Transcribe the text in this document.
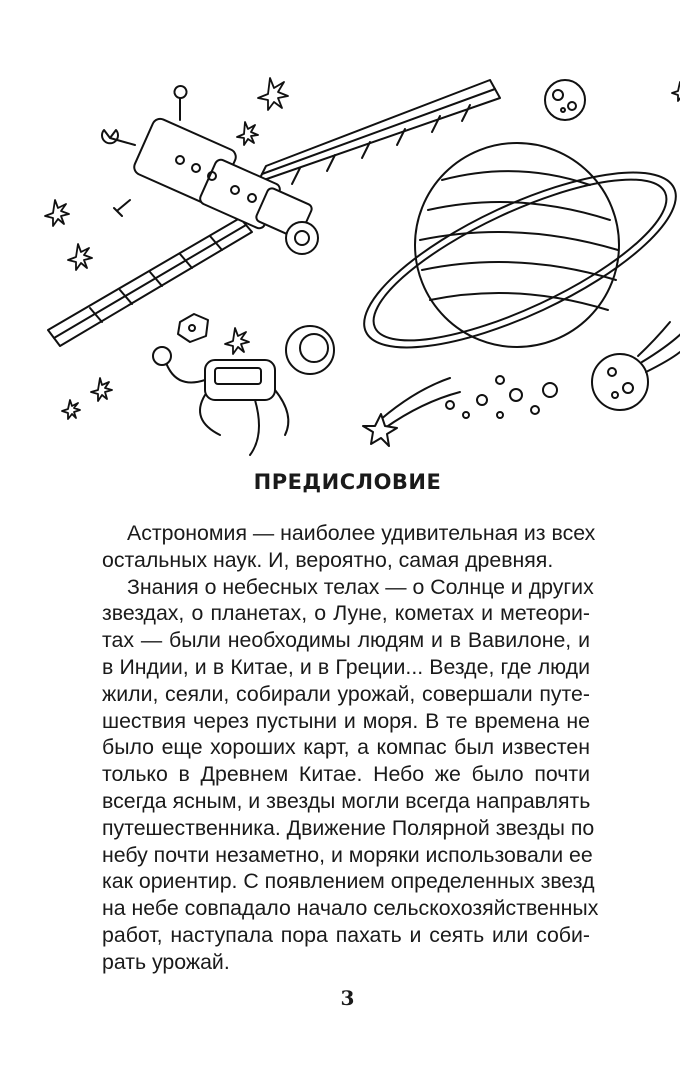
ПРЕДИСЛОВИЕ

Астрономия — наиболее удивительная из всех
остальных наук. И, вероятно, самая древняя.

Знания о небесных телах — о Солнце и других
звездах, о планетах, о Луне, кометах и метеори-
тах — были необходимы людям и в Вавилоне, и
в Индии, и в Китае, и в Греции... Везде, где люди
жили, сеяли, собирали урожай, совершали путе-
шествия через пустыни и моря. В те времена не
было еще хороших карт, а компас был известен
только в Древнем Китае. Небо же было почти
всегда ясным, и звезды могли всегда направлять
путешественника. Движение Полярной звезды по
небу почти незаметно, и моряки использовали ее
как ориентир. С появлением определенных звезд
на небе совпадало начало сельскохозяйственных
работ, наступала пора пахать и сеять или соби-
рать урожай.

3
